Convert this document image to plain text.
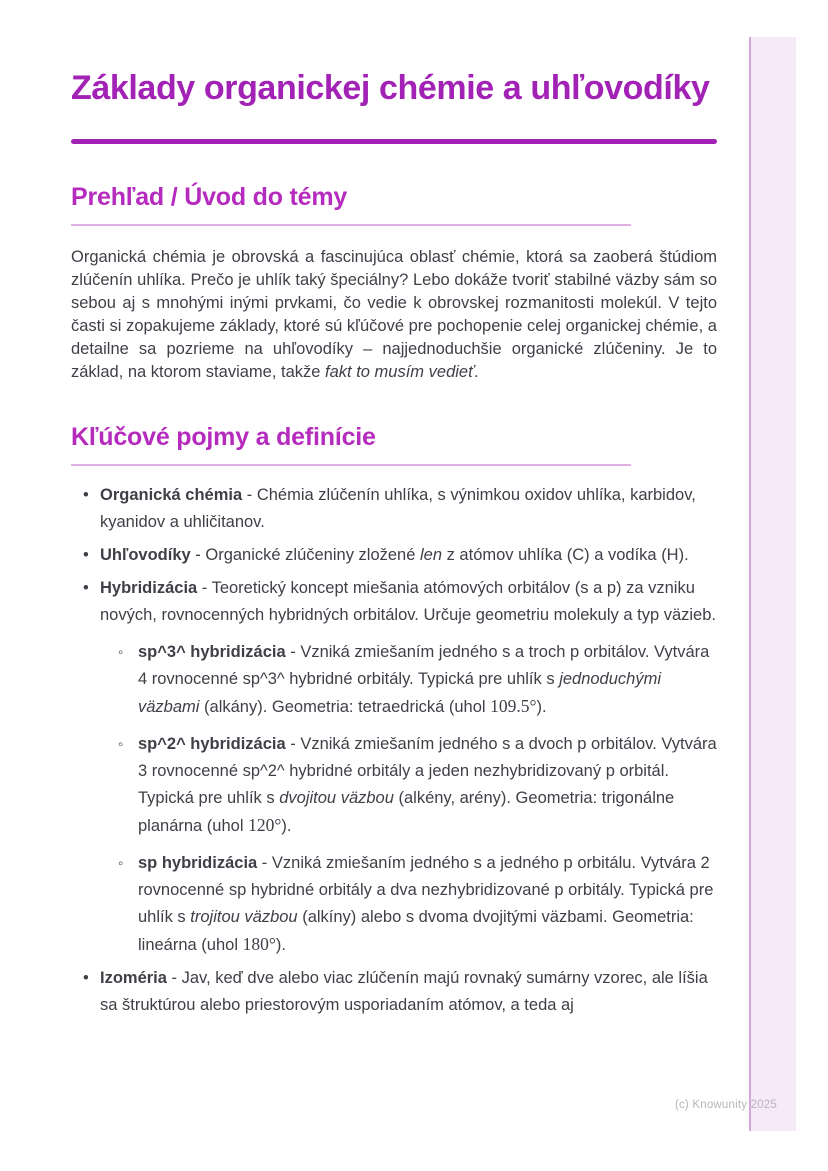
Základy organickej chémie a uhľovodíky
Prehľad / Úvod do témy

Organická chémia je obrovská a fascinujúca oblasť chémie, ktorá sa zaoberá štúdiom zlúčenín uhlíka. Prečo je uhlík taký špeciálny? Lebo dokáže tvoriť stabilné väzby sám so sebou aj s mnohými inými prvkami, čo vedie k obrovskej rozmanitosti molekúl. V tejto časti si zopakujeme základy, ktoré sú kľúčové pre pochopenie celej organickej chémie, a detailne sa pozrieme na uhľovodíky – najjednoduchšie organické zlúčeniny. Je to základ, na ktorom staviame, takže fakt to musím vedieť.

Kľúčové pojmy a definície
• Organická chémia - Chémia zlúčenín uhlíka, s výnimkou oxidov uhlíka, karbidov, kyanidov a uhličitanov.
• Uhľovodíky - Organické zlúčeniny zložené len z atómov uhlíka (C) a vodíka (H).
• Hybridizácia - Teoretický koncept miešania atómových orbitálov (s a p) za vzniku nových, rovnocenných hybridných orbitálov. Určuje geometriu molekuly a typ väzieb.
◦ sp^3^ hybridizácia - Vzniká zmiešaním jedného s a troch p orbitálov. Vytvára 4 rovnocenné sp^3^ hybridné orbitály. Typická pre uhlík s jednoduchými väzbami (alkány). Geometria: tetraedrická (uhol 109.5°).
◦ sp^2^ hybridizácia - Vzniká zmiešaním jedného s a dvoch p orbitálov. Vytvára 3 rovnocenné sp^2^ hybridné orbitály a jeden nezhybridizovaný p orbitál. Typická pre uhlík s dvojitou väzbou (alkény, arény). Geometria: trigonálne planárna (uhol 120°).
◦ sp hybridizácia - Vzniká zmiešaním jedného s a jedného p orbitálu. Vytvára 2 rovnocenné sp hybridné orbitály a dva nezhybridizované p orbitály. Typická pre uhlík s trojitou väzbou (alkíny) alebo s dvoma dvojitými väzbami. Geometria: lineárna (uhol 180°).
• Izoméria - Jav, keď dve alebo viac zlúčenín majú rovnaký sumárny vzorec, ale líšia sa štruktúrou alebo priestorovým usporiadaním atómov, a teda aj
(c) Knowunity 2025
